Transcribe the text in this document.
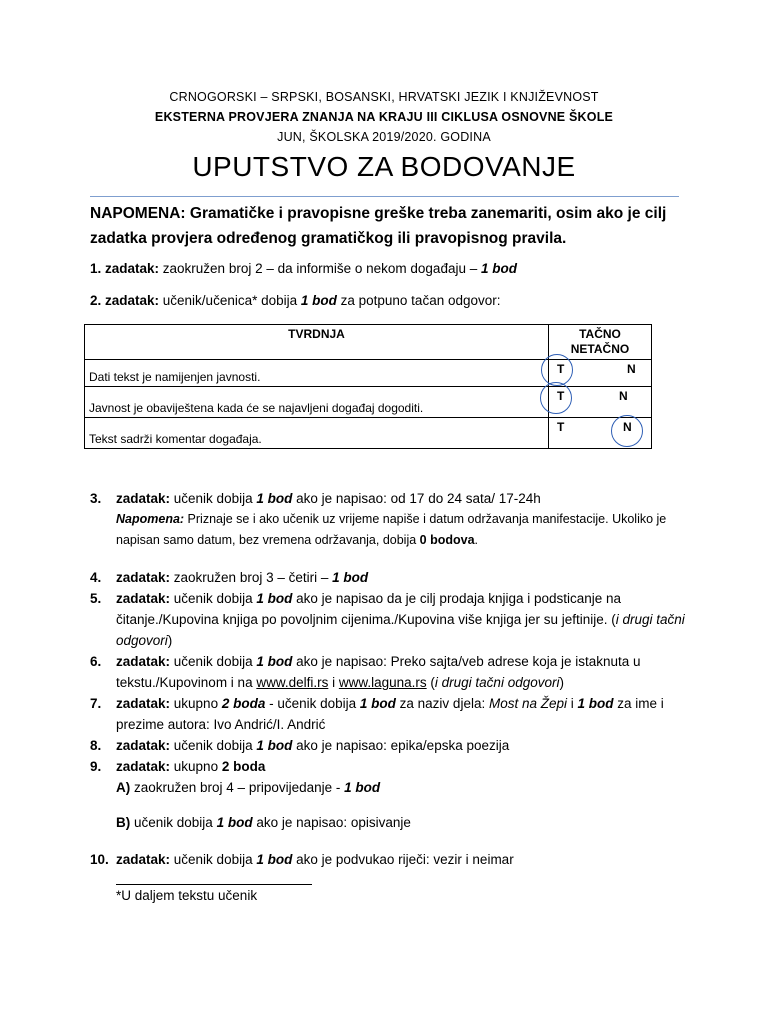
CRNOGORSKI – SRPSKI, BOSANSKI, HRVATSKI JEZIK I KNJIŽEVNOST
EKSTERNA PROVJERA ZNANJA NA KRAJU III CIKLUSA OSNOVNE ŠKOLE
JUN, ŠKOLSKA 2019/2020. GODINA
UPUTSTVO ZA BODOVANJE
NAPOMENA: Gramatičke i pravopisne greške treba zanemariti, osim ako je cilj zadatka provjera određenog gramatičkog ili pravopisnog pravila.
1. zadatak: zaokružen broj 2 – da informiše o nekom događaju – 1 bod
2. zadatak: učenik/učenica* dobija 1 bod za potpuno tačan odgovor:
TVRDNJA	TAČNO
NETAČNO

Dati tekst je namijenjen javnosti.	T N

Javnost je obaviještena kada će se najavljeni događaj dogoditi.	T N

Tekst sadrži komentar događaja.	T N
3. zadatak: učenik dobija 1 bod ako je napisao: od 17 do 24 sata/ 17-24h
Napomena: Priznaje se i ako učenik uz vrijeme napiše i datum održavanja manifestacije. Ukoliko je napisan samo datum, bez vremena održavanja, dobija 0 bodova.
4. zadatak: zaokružen broj 3 – četiri – 1 bod
5. zadatak: učenik dobija 1 bod ako je napisao da je cilj prodaja knjiga i podsticanje na čitanje./Kupovina knjiga po povoljnim cijenima./Kupovina više knjiga jer su jeftinije. (i drugi tačni odgovori)
6. zadatak: učenik dobija 1 bod ako je napisao: Preko sajta/veb adrese koja je istaknuta u tekstu./Kupovinom i na www.delfi.rs i www.laguna.rs (i drugi tačni odgovori)
7. zadatak: ukupno 2 boda - učenik dobija 1 bod za naziv djela: Most na Žepi i 1 bod za ime i prezime autora: Ivo Andrić/I. Andrić
8. zadatak: učenik dobija 1 bod ako je napisao: epika/epska poezija
9. zadatak: ukupno 2 boda
A) zaokružen broj 4 – pripovijedanje - 1 bod
B) učenik dobija 1 bod ako je napisao: opisivanje
10. zadatak: učenik dobija 1 bod ako je podvukao riječi: vezir i neimar
*U daljem tekstu učenik
